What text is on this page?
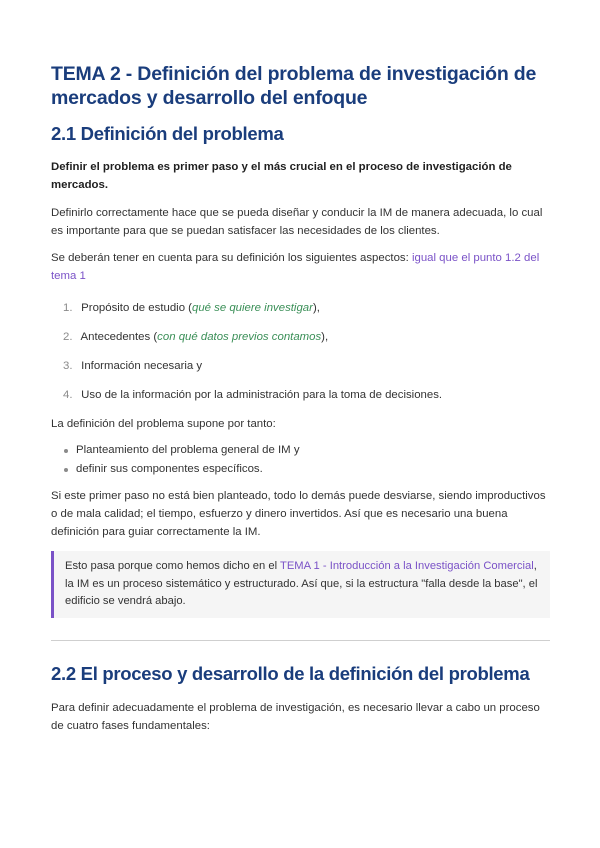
TEMA 2 - Definición del problema de investigación de mercados y desarrollo del enfoque
2.1 Definición del problema

Definir el problema es primer paso y el más crucial en el proceso de investigación de mercados.

Definirlo correctamente hace que se pueda diseñar y conducir la IM de manera adecuada, lo cual es importante para que se puedan satisfacer las necesidades de los clientes.

Se deberán tener en cuenta para su definición los siguientes aspectos: igual que el punto 1.2 del tema 1

1. Propósito de estudio (qué se quiere investigar),
2. Antecedentes (con qué datos previos contamos),
3. Información necesaria y
4. Uso de la información por la administración para la toma de decisiones.

La definición del problema supone por tanto:

Planteamiento del problema general de IM y
definir sus componentes específicos.

Si este primer paso no está bien planteado, todo lo demás puede desviarse, siendo improductivos o de mala calidad; el tiempo, esfuerzo y dinero invertidos. Así que es necesario una buena definición para guiar correctamente la IM.

Esto pasa porque como hemos dicho en el TEMA 1 - Introducción a la Investigación Comercial, la IM es un proceso sistemático y estructurado. Así que, si la estructura "falla desde la base", el edificio se vendrá abajo.
2.2 El proceso y desarrollo de la definición del problema

Para definir adecuadamente el problema de investigación, es necesario llevar a cabo un proceso de cuatro fases fundamentales:
